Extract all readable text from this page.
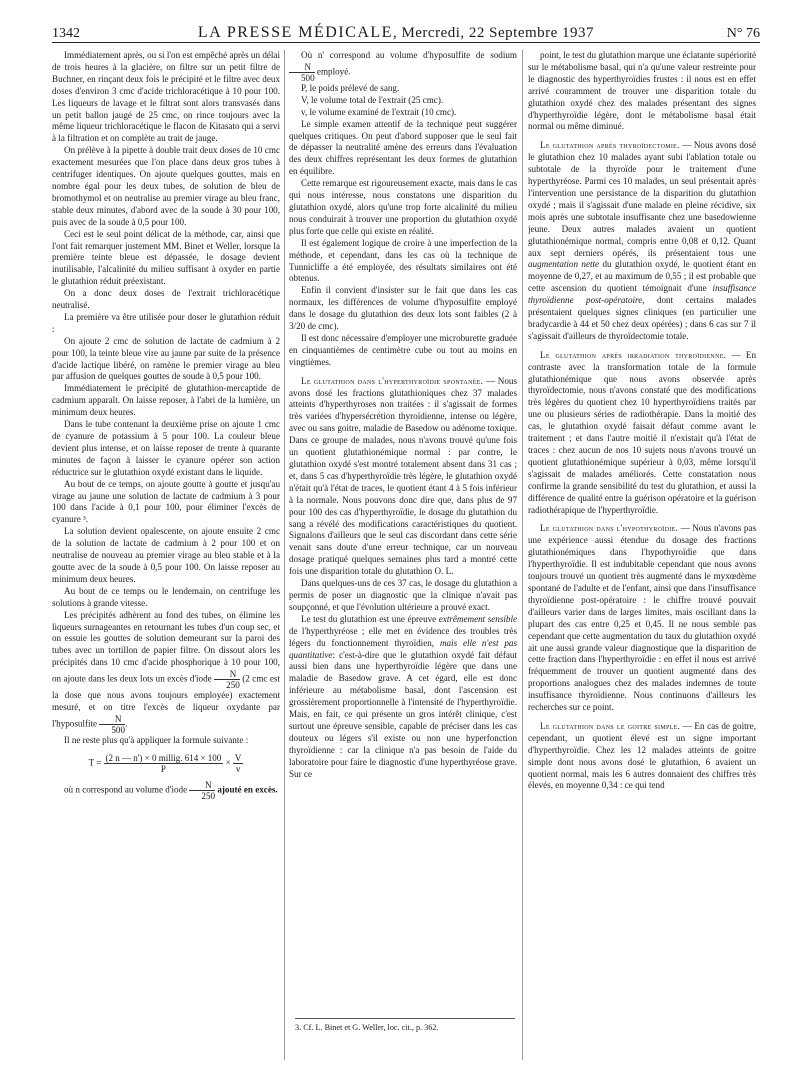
1342	LA PRESSE MÉDICALE, Mercredi, 22 Septembre 1937	N° 76

Immédiatement après, ou si l'on est empêché après un délai de trois heures à la glacière, on filtre sur un petit filtre de Buchner, en rinçant deux fois le précipité et le filtre avec deux doses d'environ 3 cmc d'acide trichloracétique à 10 pour 100. Les liqueurs de lavage et le filtrat sont alors transvasés dans un petit ballon jaugé de 25 cmc, on rince toujours avec la même liqueur trichloracétique le flacon de Kitasato qui a servi à la filtration et on complète au trait de jauge.

On prélève à la pipette à double trait deux doses de 10 cmc exactement mesurées que l'on place dans deux gros tubes à centrifuger identiques. On ajoute quelques gouttes, mais en nombre égal pour les deux tubes, de solution de bleu de bromothymol et on neutralise au premier virage au bleu franc, stable deux minutes, d'abord avec de la soude à 30 pour 100, puis avec de la soude à 0,5 pour 100.

Ceci est le seul point délicat de la méthode, car, ainsi que l'ont fait remarquer justement MM. Binet et Weller, lorsque la première teinte bleue est dépassée, le dosage devient inutilisable, l'alcalinité du milieu suffisant à oxyder en partie le glutathion réduit préexistant.

On a donc deux doses de l'extrait trichloracétique neutralisé.

La première va être utilisée pour doser le glutathion réduit :

On ajoute 2 cmc de solution de lactate de cadmium à 2 pour 100, la teinte bleue vire au jaune par suite de la présence d'acide lactique libéré, on ramène le premier virage au bleu par affusion de quelques gouttes de soude à 0,5 pour 100.

Immédiatement le précipité de glutathion-mercaptide de cadmium apparaît. On laisse reposer, à l'abri de la lumière, un minimum deux heures.

Dans le tube contenant la deuxième prise on ajoute 1 cmc de cyanure de potassium à 5 pour 100. La couleur bleue devient plus intense, et on laisse reposer de trente à quarante minutes de façon à laisser le cyanure opérer son action réductrice sur le glutathion oxydé existant dans le liquide.

Au bout de ce temps, on ajoute goutte à goutte et jusqu'au virage au jaune une solution de lactate de cadmium à 3 pour 100 dans l'acide à 0,1 pour 100, pour éliminer l'excès de cyanure ³.

La solution devient opalescente, on ajoute ensuite 2 cmc de la solution de lactate de cadmium à 2 pour 100 et on neutralise de nouveau au premier virage au bleu stable et à la goutte avec de la soude à 0,5 pour 100. On laisse reposer au minimum deux heures.

Au bout de ce temps ou le lendemain, on centrifuge les solutions à grande vitesse.

Les précipités adhèrent au fond des tubes, on élimine les liqueurs surnageantes en retournant les tubes d'un coup sec, et on essuie les gouttes de solution demeurant sur la paroi des tubes avec un tortillon de papier filtre. On dissout alors les précipités dans 10 cmc d'acide phosphorique à 10 pour 100, on ajoute dans les deux lots un excès d'iode $\frac{N}{250} (2$ cmc est la dose que nous avons toujours employée) exactement mesuré, et on titre l'excès de liqueur oxydante par l'hyposulfite $\frac{N}{500}$ .

Il ne reste plus qu'à appliquer la formule suivante :

$T = \frac{\text{(2 n — n') × 0 millig. 614 × 100}}{P} \times \frac{V}{v}$

où n correspond au volume d'iode $\frac{N}{250}$ ajouté en excès.

Où n' correspond au volume d'hyposulfite de sodium
$\frac{N}{500}$ employé.

P, le poids prélevé de sang.

V, le volume total de l'extrait (25 cmc).

v, le volume examiné de l'extrait (10 cmc).

Le simple examen attentif de la technique peut suggérer quelques critiques. On peut d'abord supposer que le seul fait de dépasser la neutralité amène des erreurs dans l'évaluation des deux chiffres représentant les deux formes de glutathion en équilibre.

Cette remarque est rigoureusement exacte, mais dans le cas qui nous intéresse, nous constatons une disparition du glutathion oxydé, alors qu'une trop forte alcalinité du milieu nous conduirait à trouver une proportion du glutathion oxydé plus forte que celle qui existe en réalité.

Il est également logique de croire à une imperfection de la méthode, et cependant, dans les cas où la technique de Tunnicliffe a été employée, des résultats similaires ont été obtenus.

Enfin il convient d'insister sur le fait que dans les cas normaux, les différences de volume d'hyposulfite employé dans le dosage du glutathion des deux lots sont faibles (2 à 3/20 de cmc).

Il est donc nécessaire d'employer une microburette graduée en cinquantièmes de centimètre cube ou tout au moins en vingtièmes.

Le glutathion dans l'hyperthyroïdie spontanée. — Nous avons dosé les fractions glutathioniques chez 37 malades atteints d'hyperthyroses non traitées : il s'agissait de formes très variées d'hypersécrétion thyroïdienne, intense ou légère, avec ou sans goitre, maladie de Basedow ou adénome toxique. Dans ce groupe de malades, nous n'avons trouvé qu'une fois un quotient glutathionémique normal : par contre, le glutathion oxydé s'est montré totalement absent dans 31 cas ; et, dans 5 cas d'hyperthyroïdie très légère, le glutathion oxydé n'était qu'à l'état de traces, le quotient étant 4 à 5 fois inférieur à la normale. Nous pouvons donc dire que, dans plus de 97 pour 100 des cas d'hyperthyroïdie, le dosage du glutathion du sang a révélé des modifications caractéristiques du quotient. Signalons d'ailleurs que le seul cas discordant dans cette série venait sans doute d'une erreur technique, car un nouveau dosage pratiqué quelques semaines plus tard a montré cette fois une disparition totale du glutathion O. L.

Dans quelques-uns de ces 37 cas, le dosage du glutathion a permis de poser un diagnostic que la clinique n'avait pas soupçonné, et que l'évolution ultérieure a prouvé exact.

Le test du glutathion est une épreuve extrêmement sensible de l'hyperthyréose ; elle met en évidence des troubles très légers du fonctionnement thyroïdien, mais elle n'est pas quantitative: c'est-à-dire que le glutathion oxydé fait défaut aussi bien dans une hyperthyroïdie légère que dans une maladie de Basedow grave. A cet égard, elle est donc inférieure au métabolisme basal, dont l'ascension est grossièrement proportionnelle à l'intensité de l'hyperthyroïdie. Mais, en fait, ce qui présente un gros intérêt clinique, c'est surtout une épreuve sensible, capable de préciser dans les cas douteux ou légers s'il existe ou non une hyperfonction thyroïdienne : car la clinique n'a pas besoin de l'aide du laboratoire pour faire le diagnostic d'une hyperthyréose grave. Sur ce

3. Cf. L. Binet et G. Weller, loc. cit., p. 362.

point, le test du glutathion marque une éclatante supériorité sur le métabolisme basal, qui n'a qu'une valeur restreinte pour le diagnostic des hyperthyroïdies frustes : il nous est en effet arrivé couramment de trouver une disparition totale du glutathion oxydé chez des malades présentant des signes d'hyperthyroïdie légère, dont le métabolisme basal était normal ou même diminué.

Le glutathion après thyroïdectomie. — Nous avons dosé le glutathion chez 10 malades ayant subi l'ablation totale ou subtotale de la thyroïde pour le traitement d'une hyperthyréose. Parmi ces 10 malades, un seul présentait après l'intervention une persistance de la disparition du glutathion oxydé ; mais il s'agissait d'une malade en pleine récidive, six mois après une subtotale insuffisante chez une basedowienne jeune. Deux autres malades avaient un quotient glutathionémique normal, compris entre 0,08 et 0,12. Quant aux sept derniers opérés, ils présentaient tous une augmentation nette du glutathion oxydé, le quotient étant en moyenne de 0,27, et au maximum de 0,55 ; il est probable que cette ascension du quotient témoignait d'une insuffisance thyroïdienne post-opératoire, dont certains malades présentaient quelques signes cliniques (en particulier une bradycardie à 44 et 50 chez deux opérées) ; dans 6 cas sur 7 il s'agissait d'ailleurs de thyroïdectomie totale.

Le glutathion après irradiation thyroïdienne. — En contraste avec la transformation totale de la formule glutathionémique que nous avons observée après thyroïdectomie, nous n'avons constaté que des modifications très légères du quotient chez 10 hyperthyroïdiens traités par une ou plusieurs séries de radiothérapie. Dans la moitié des cas, le glutathion oxydé faisait défaut comme avant le traitement ; et dans l'autre moitié il n'existait qu'à l'état de traces : chez aucun de nos 10 sujets nous n'avons trouvé un quotient glutathionémique supérieur à 0,03, même lorsqu'il s'agissait de malades améliorés. Cette constatation nous confirme la grande sensibilité du test du glutathion, et aussi la différence de qualité entre la guérison opératoire et la guérison radiothérapique de l'hyperthyroïdie.

Le glutathion dans l'hypothyroïdie. — Nous n'avons pas une expérience aussi étendue du dosage des fractions glutathionémiques dans l'hypothyroïdie que dans l'hyperthyroïdie. Il est indubitable cependant que nous avons toujours trouvé un quotient très augmenté dans le myxœdème spontané de l'adulte et de l'enfant, ainsi que dans l'insuffisance thyroïdienne post-opératoire : le chiffre trouvé pouvait d'ailleurs varier dans de larges limites, mais oscillant dans la plupart des cas entre 0,25 et 0,45. Il ne nous semble pas cependant que cette augmentation du taux du glutathion oxydé ait une aussi grande valeur diagnostique que la disparition de cette fraction dans l'hyperthyroïdie : en effet il nous est arrivé fréquemment de trouver un quotient augmenté dans des proportions analogues chez des malades indemnes de toute insuffisance thyroïdienne. Nous continuons d'ailleurs les recherches sur ce point.

Le glutathion dans le goitre simple. — En cas de goitre, cependant, un quotient élevé est un signe important d'hyperthyroïdie. Chez les 12 malades atteints de goitre simple dont nous avons dosé le glutathion, 6 avaient un quotient normal, mais les 6 autres donnaient des chiffres très élevés, en moyenne 0,34 : ce qui tend
